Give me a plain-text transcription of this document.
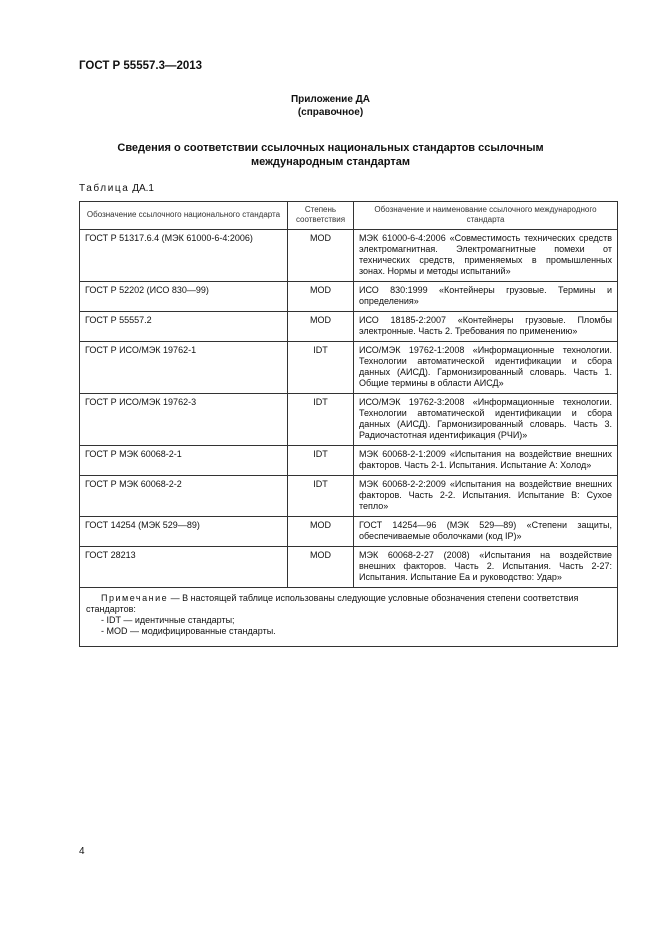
ГОСТ Р 55557.3—2013
Приложение ДА
(справочное)
Сведения о соответствии ссылочных национальных стандартов ссылочным
международным стандартам
Таблица ДА.1
Обозначение ссылочного национального стандарта	Степень соответствия	Обозначение и наименование ссылочного международного стандарта
ГОСТ Р 51317.6.4 (МЭК 61000-6-4:2006)	MOD	МЭК 61000-6-4:2006 «Совместимость технических средств электромагнитная. Электромагнитные помехи от технических средств, применяемых в промышленных зонах. Нормы и методы испытаний»
ГОСТ Р 52202 (ИСО 830—99)	MOD	ИСО 830:1999 «Контейнеры грузовые. Термины и определения»
ГОСТ Р 55557.2	MOD	ИСО 18185-2:2007 «Контейнеры грузовые. Пломбы электронные. Часть 2. Требования по применению»
ГОСТ Р ИСО/МЭК 19762-1	IDT	ИСО/МЭК 19762-1:2008 «Информационные технологии. Технологии автоматической идентификации и сбора данных (АИСД). Гармонизированный словарь. Часть 1. Общие термины в области АИСД»
ГОСТ Р ИСО/МЭК 19762-3	IDT	ИСО/МЭК 19762-3:2008 «Информационные технологии. Технологии автоматической идентификации и сбора данных (АИСД). Гармонизированный словарь. Часть 3. Радиочастотная идентификация (РЧИ)»
ГОСТ Р МЭК 60068-2-1	IDT	МЭК 60068-2-1:2009 «Испытания на воздействие внешних факторов. Часть 2-1. Испытания. Испытание А: Холод»
ГОСТ Р МЭК 60068-2-2	IDT	МЭК 60068-2-2:2009 «Испытания на воздействие внешних факторов. Часть 2-2. Испытания. Испытание В: Сухое тепло»
ГОСТ 14254 (МЭК 529—89)	MOD	ГОСТ 14254—96 (МЭК 529—89) «Степени защиты, обеспечиваемые оболочками (код IP)»
ГОСТ 28213	MOD	МЭК 60068-2-27 (2008) «Испытания на воздействие внешних факторов. Часть 2. Испытания. Часть 2-27: Испытания. Испытание Еа и руководство: Удар»

Примечание — В настоящей таблице использованы следующие условные обозначения степени соответствия стандартов:
- IDT — идентичные стандарты;
- MOD — модифицированные стандарты.		
4
